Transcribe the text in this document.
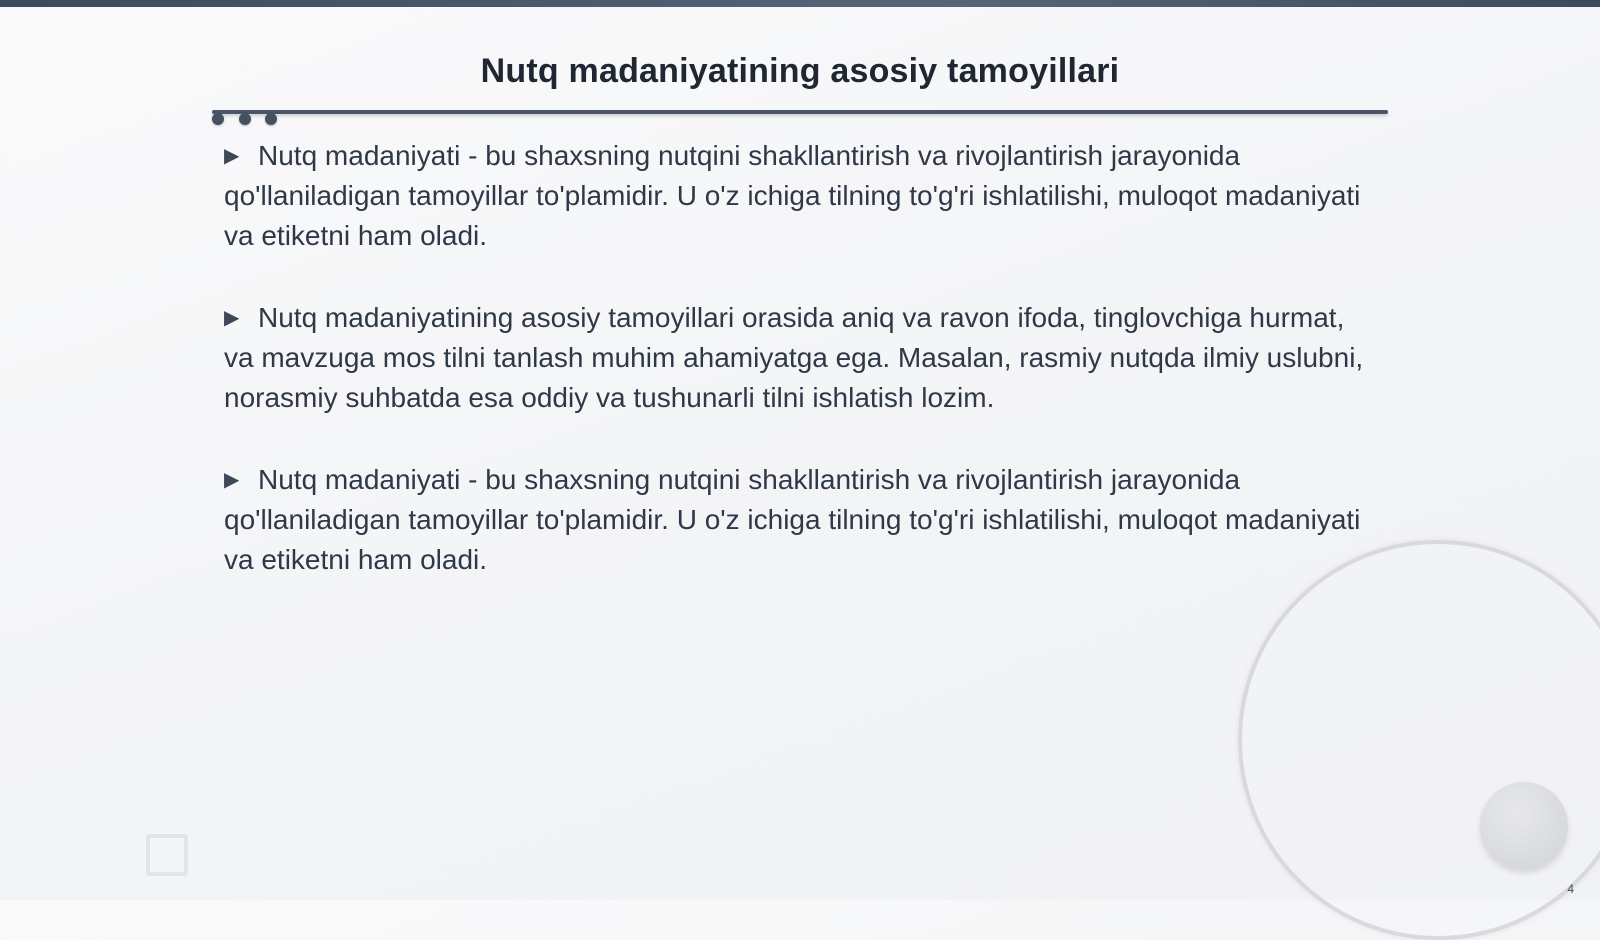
Nutq madaniyatining asosiy tamoyillari

▶ Nutq madaniyati - bu shaxsning nutqini shakllantirish va rivojlantirish jarayonida qo'llaniladigan tamoyillar to'plamidir. U o'z ichiga tilning to'g'ri ishlatilishi, muloqot madaniyati va etiketni ham oladi.

▶ Nutq madaniyatining asosiy tamoyillari orasida aniq va ravon ifoda, tinglovchiga hurmat, va mavzuga mos tilni tanlash muhim ahamiyatga ega. Masalan, rasmiy nutqda ilmiy uslubni, norasmiy suhbatda esa oddiy va tushunarli tilni ishlatish lozim.

▶ Nutq madaniyati - bu shaxsning nutqini shakllantirish va rivojlantirish jarayonida qo'llaniladigan tamoyillar to'plamidir. U o'z ichiga tilning to'g'ri ishlatilishi, muloqot madaniyati va etiketni ham oladi.

4
